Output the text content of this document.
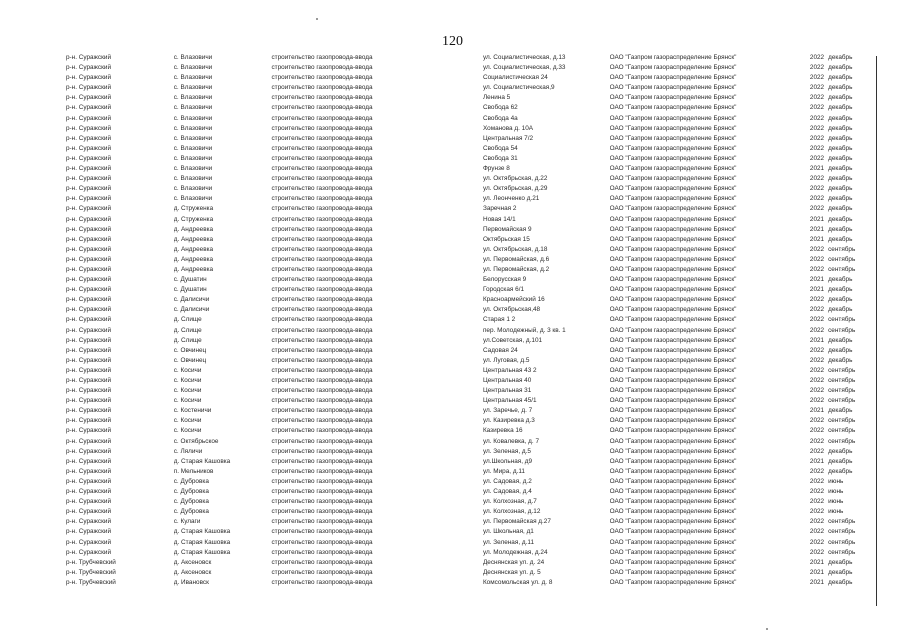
120
р-н. Суражский	с. Влазовичи	строительство газопровода-ввода	ул. Социалистическая, д.13	ОАО "Газпром газораспределение Брянск"	2022 декабрь
р-н. Суражский	с. Влазовичи	строительство газопровода-ввода	ул. Социалистическая, д.33	ОАО "Газпром газораспределение Брянск"	2022 декабрь
р-н. Суражский	с. Влазовичи	строительство газопровода-ввода	Социалистическая 24	ОАО "Газпром газораспределение Брянск"	2022 декабрь
р-н. Суражский	с. Влазовичи	строительство газопровода-ввода	ул. Социалистическая,9	ОАО "Газпром газораспределение Брянск"	2022 декабрь
р-н. Суражский	с. Влазовичи	строительство газопровода-ввода	Ленина 5	ОАО "Газпром газораспределение Брянск"	2022 декабрь
р-н. Суражский	с. Влазовичи	строительство газопровода-ввода	Свобода 62	ОАО "Газпром газораспределение Брянск"	2022 декабрь
р-н. Суражский	с. Влазовичи	строительство газопровода-ввода	Свобода 4а	ОАО "Газпром газораспределение Брянск"	2022 декабрь
р-н. Суражский	с. Влазовичи	строительство газопровода-ввода	Хоманова д. 10А	ОАО "Газпром газораспределение Брянск"	2022 декабрь
р-н. Суражский	с. Влазовичи	строительство газопровода-ввода	Центральная 7/2	ОАО "Газпром газораспределение Брянск"	2022 декабрь
р-н. Суражский	с. Влазовичи	строительство газопровода-ввода	Свобода 54	ОАО "Газпром газораспределение Брянск"	2022 декабрь
р-н. Суражский	с. Влазовичи	строительство газопровода-ввода	Свобода 31	ОАО "Газпром газораспределение Брянск"	2022 декабрь
р-н. Суражский	с. Влазовичи	строительство газопровода-ввода	Фрунзе 8	ОАО "Газпром газораспределение Брянск"	2021 декабрь
р-н. Суражский	с. Влазовичи	строительство газопровода-ввода	ул. Октябрьская, д.22	ОАО "Газпром газораспределение Брянск"	2022 декабрь
р-н. Суражский	с. Влазовичи	строительство газопровода-ввода	ул. Октябрьская, д.29	ОАО "Газпром газораспределение Брянск"	2022 декабрь
р-н. Суражский	с. Влазовичи	строительство газопровода-ввода	ул. Леонченко д.21	ОАО "Газпром газораспределение Брянск"	2022 декабрь
р-н. Суражский	д. Струженка	строительство газопровода-ввода	Заречная 2	ОАО "Газпром газораспределение Брянск"	2022 декабрь
р-н. Суражский	д. Струженка	строительство газопровода-ввода	Новая 14/1	ОАО "Газпром газораспределение Брянск"	2021 декабрь
р-н. Суражский	д. Андреевка	строительство газопровода-ввода	Первомайская 9	ОАО "Газпром газораспределение Брянск"	2021 декабрь
р-н. Суражский	д. Андреевка	строительство газопровода-ввода	Октябрьская 15	ОАО "Газпром газораспределение Брянск"	2021 декабрь
р-н. Суражский	д. Андреевка	строительство газопровода-ввода	ул. Октябрьская, д.18	ОАО "Газпром газораспределение Брянск"	2022 сентябрь
р-н. Суражский	д. Андреевка	строительство газопровода-ввода	ул. Первомайская, д.6	ОАО "Газпром газораспределение Брянск"	2022 сентябрь
р-н. Суражский	д. Андреевка	строительство газопровода-ввода	ул. Первомайская, д.2	ОАО "Газпром газораспределение Брянск"	2022 сентябрь
р-н. Суражский	с. Душатин	строительство газопровода-ввода	Белорусская 9	ОАО "Газпром газораспределение Брянск"	2021 декабрь
р-н. Суражский	с. Душатин	строительство газопровода-ввода	Городская 6/1	ОАО "Газпром газораспределение Брянск"	2021 декабрь
р-н. Суражский	с. Далисичи	строительство газопровода-ввода	Красноармейский 16	ОАО "Газпром газораспределение Брянск"	2022 декабрь
р-н. Суражский	с. Далисичи	строительство газопровода-ввода	ул. Октябрьская,48	ОАО "Газпром газораспределение Брянск"	2022 декабрь
р-н. Суражский	д. Слище	строительство газопровода-ввода	Старая 1 2	ОАО "Газпром газораспределение Брянск"	2022 сентябрь
р-н. Суражский	д. Слище	строительство газопровода-ввода	пер. Молодежный, д. 3 кв. 1	ОАО "Газпром газораспределение Брянск"	2022 сентябрь
р-н. Суражский	д. Слище	строительство газопровода-ввода	ул.Советская, д.101	ОАО "Газпром газораспределение Брянск"	2021 декабрь
р-н. Суражский	с. Овчинец	строительство газопровода-ввода	Садовая 24	ОАО "Газпром газораспределение Брянск"	2022 декабрь
р-н. Суражский	с. Овчинец	строительство газопровода-ввода	ул. Луговая, д.5	ОАО "Газпром газораспределение Брянск"	2022 декабрь
р-н. Суражский	с. Косичи	строительство газопровода-ввода	Центральная 43 2	ОАО "Газпром газораспределение Брянск"	2022 сентябрь
р-н. Суражский	с. Косичи	строительство газопровода-ввода	Центральная 40	ОАО "Газпром газораспределение Брянск"	2022 сентябрь
р-н. Суражский	с. Косичи	строительство газопровода-ввода	Центральная 31	ОАО "Газпром газораспределение Брянск"	2022 сентябрь
р-н. Суражский	с. Косичи	строительство газопровода-ввода	Центральная 45/1	ОАО "Газпром газораспределение Брянск"	2022 сентябрь
р-н. Суражский	с. Костеничи	строительство газопровода-ввода	ул. Заречье, д. 7	ОАО "Газпром газораспределение Брянск"	2021 декабрь
р-н. Суражский	с. Косичи	строительство газопровода-ввода	ул. Казиревка д.3	ОАО "Газпром газораспределение Брянск"	2022 сентябрь
р-н. Суражский	с. Косичи	строительство газопровода-ввода	Казиревка 16	ОАО "Газпром газораспределение Брянск"	2022 сентябрь
р-н. Суражский	с. Октябрьское	строительство газопровода-ввода	ул. Ковалевка, д. 7	ОАО "Газпром газораспределение Брянск"	2022 сентябрь
р-н. Суражский	с. Ляличи	строительство газопровода-ввода	ул. Зеленая, д.5	ОАО "Газпром газораспределение Брянск"	2022 декабрь
р-н. Суражский	д. Старая Кашовка	строительство газопровода-ввода	ул.Школьная, д9	ОАО "Газпром газораспределение Брянск"	2021 декабрь
р-н. Суражский	п. Мельников	строительство газопровода-ввода	ул. Мира, д.11	ОАО "Газпром газораспределение Брянск"	2022 декабрь
р-н. Суражский	с. Дубровка	строительство газопровода-ввода	ул. Садовая, д.2	ОАО "Газпром газораспределение Брянск"	2022 июнь
р-н. Суражский	с. Дубровка	строительство газопровода-ввода	ул. Садовая, д.4	ОАО "Газпром газораспределение Брянск"	2022 июнь
р-н. Суражский	с. Дубровка	строительство газопровода-ввода	ул. Колхозная, д.7	ОАО "Газпром газораспределение Брянск"	2022 июнь
р-н. Суражский	с. Дубровка	строительство газопровода-ввода	ул. Колхозная, д.12	ОАО "Газпром газораспределение Брянск"	2022 июнь
р-н. Суражский	с. Кулаги	строительство газопровода-ввода	ул. Первомайская д.27	ОАО "Газпром газораспределение Брянск"	2022 сентябрь
р-н. Суражский	д. Старая Кашовка	строительство газопровода-ввода	ул. Школьная, д1	ОАО "Газпром газораспределение Брянск"	2022 сентябрь
р-н. Суражский	д. Старая Кашовка	строительство газопровода-ввода	ул. Зеленая, д.11	ОАО "Газпром газораспределение Брянск"	2022 сентябрь
р-н. Суражский	д. Старая Кашовка	строительство газопровода-ввода	ул. Молодежная, д.24	ОАО "Газпром газораспределение Брянск"	2022 сентябрь
р-н. Трубчевский	д. Аксеновск	строительство газопровода-ввода	Деснянская ул. д. 24	ОАО "Газпром газораспределение Брянск"	2021 декабрь
р-н. Трубчевский	д. Аксеновск	строительство газопровода-ввода	Деснянская ул. д. 5	ОАО "Газпром газораспределение Брянск"	2021 декабрь
р-н. Трубчевский	д. Ивановск	строительство газопровода-ввода	Комсомольская ул. д. 8	ОАО "Газпром газораспределение Брянск"	2021 декабрь
